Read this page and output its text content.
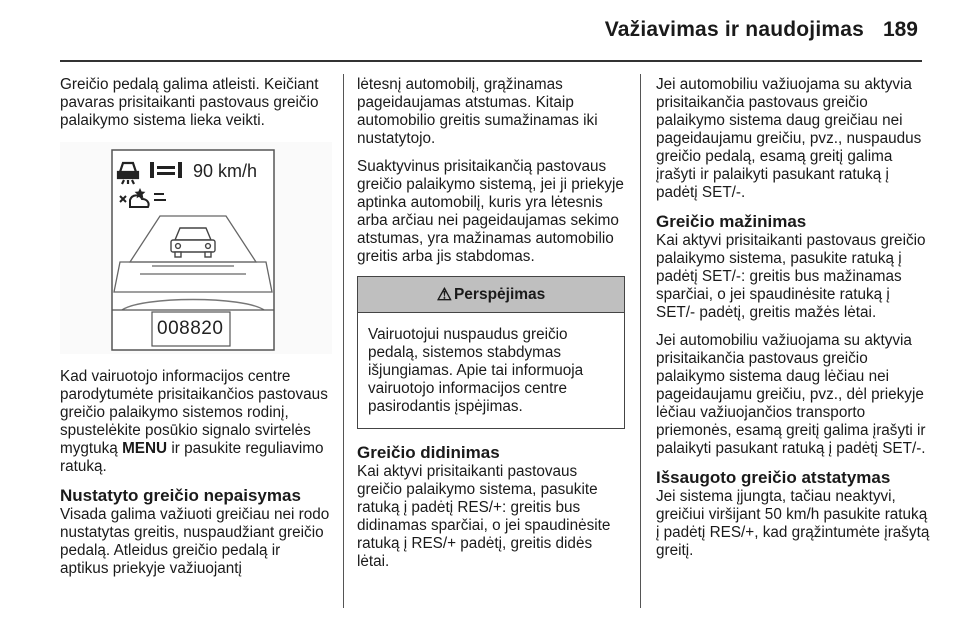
Važiavimas ir naudojimas 189

Greičio pedalą galima atleisti. Keičiant pavaras prisitaikanti pastovaus greičio palaikymo sistema lieka veikti.

90 km/h
008820

Kad vairuotojo informacijos centre parodytumėte prisitaikančios pastovaus greičio palaikymo sistemos rodinį, spustelėkite posūkio signalo svirtelės mygtuką MENU ir pasukite reguliavimo ratuką.

Nustatyto greičio nepaisymas

Visada galima važiuoti greičiau nei rodo nustatytas greitis, nuspaudžiant greičio pedalą. Atleidus greičio pedalą ir aptikus priekyje važiuojantį

lėtesnį automobilį, grąžinamas pageidaujamas atstumas. Kitaip automobilio greitis sumažinamas iki nustatytojo.

Suaktyvinus prisitaikančią pastovaus greičio palaikymo sistemą, jei ji priekyje aptinka automobilį, kuris yra lėtesnis arba arčiau nei pageidaujamas sekimo atstumas, yra mažinamas automobilio greitis arba jis stabdomas.

⚠ Perspėjimas
Vairuotojui nuspaudus greičio pedalą, sistemos stabdymas išjungiamas. Apie tai informuoja vairuotojo informacijos centre pasirodantis įspėjimas.
Greičio didinimas

Kai aktyvi prisitaikanti pastovaus greičio palaikymo sistema, pasukite ratuką į padėtį RES/+: greitis bus didinamas sparčiai, o jei spaudinėsite ratuką į RES/+ padėtį, greitis didės lėtai.

Jei automobiliu važiuojama su aktyvia prisitaikančia pastovaus greičio palaikymo sistema daug greičiau nei pageidaujamu greičiu, pvz., nuspaudus greičio pedalą, esamą greitį galima įrašyti ir palaikyti pasukant ratuką į padėtį SET/-.

Greičio mažinimas

Kai aktyvi prisitaikanti pastovaus greičio palaikymo sistema, pasukite ratuką į padėtį SET/-: greitis bus mažinamas sparčiai, o jei spaudinėsite ratuką į SET/- padėtį, greitis mažės lėtai.

Jei automobiliu važiuojama su aktyvia prisitaikančia pastovaus greičio palaikymo sistema daug lėčiau nei pageidaujamu greičiu, pvz., dėl priekyje lėčiau važiuojančios transporto priemonės, esamą greitį galima įrašyti ir palaikyti pasukant ratuką į padėtį SET/-.

Išsaugoto greičio atstatymas

Jei sistema įjungta, tačiau neaktyvi, greičiui viršijant 50 km/h pasukite ratuką į padėtį RES/+, kad grąžintumėte įrašytą greitį.
